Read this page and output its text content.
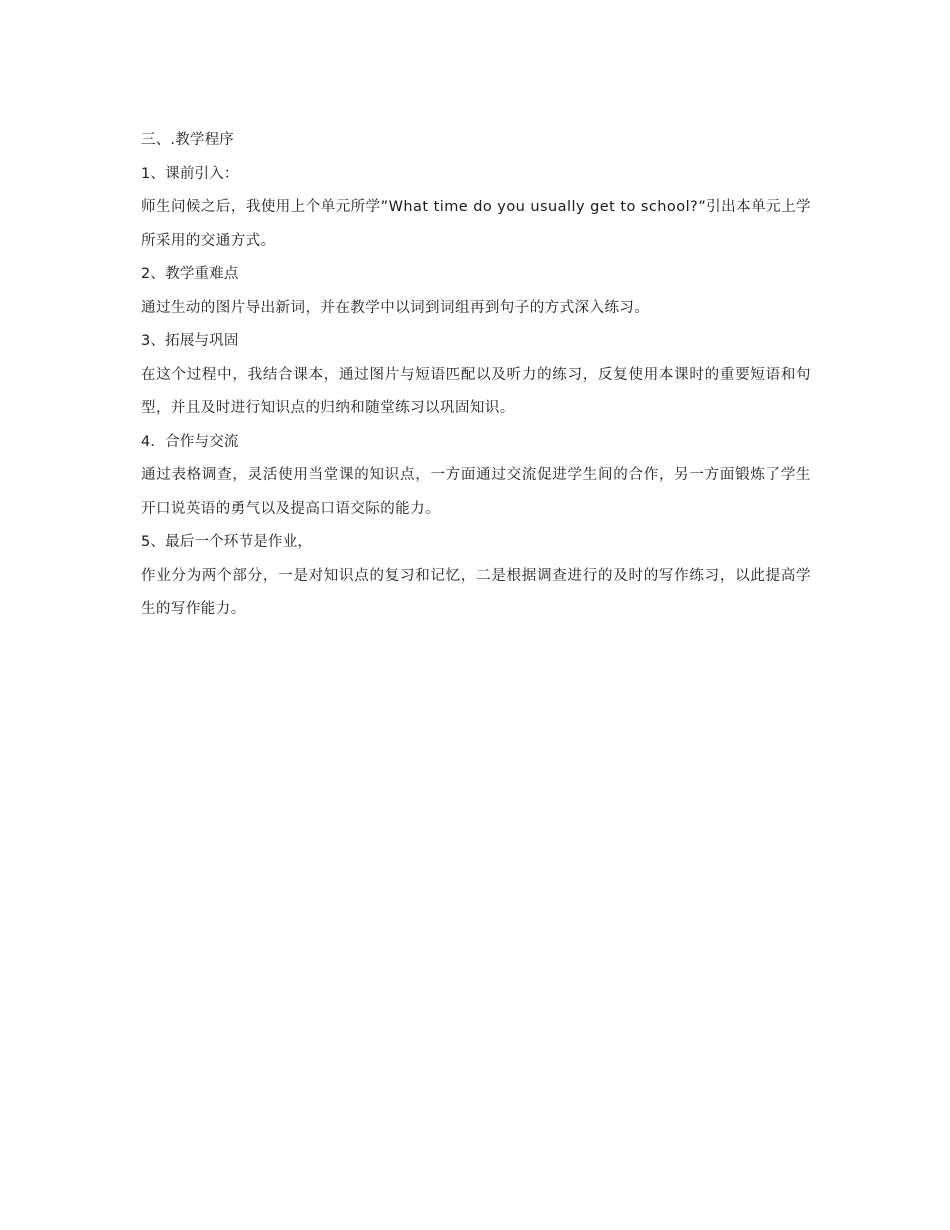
三、.教学程序
1、课前引入：
师生问候之后，我使用上个单元所学”What time do you usually get to school?”引出本单元上学所采用的交通方式。
2、教学重难点
通过生动的图片导出新词，并在教学中以词到词组再到句子的方式深入练习。
3、拓展与巩固
在这个过程中，我结合课本，通过图片与短语匹配以及听力的练习，反复使用本课时的重要短语和句型，并且及时进行知识点的归纳和随堂练习以巩固知识。
4．合作与交流
通过表格调查，灵活使用当堂课的知识点，一方面通过交流促进学生间的合作，另一方面锻炼了学生开口说英语的勇气以及提高口语交际的能力。
5、最后一个环节是作业，
作业分为两个部分，一是对知识点的复习和记忆，二是根据调查进行的及时的写作练习，以此提高学生的写作能力。
